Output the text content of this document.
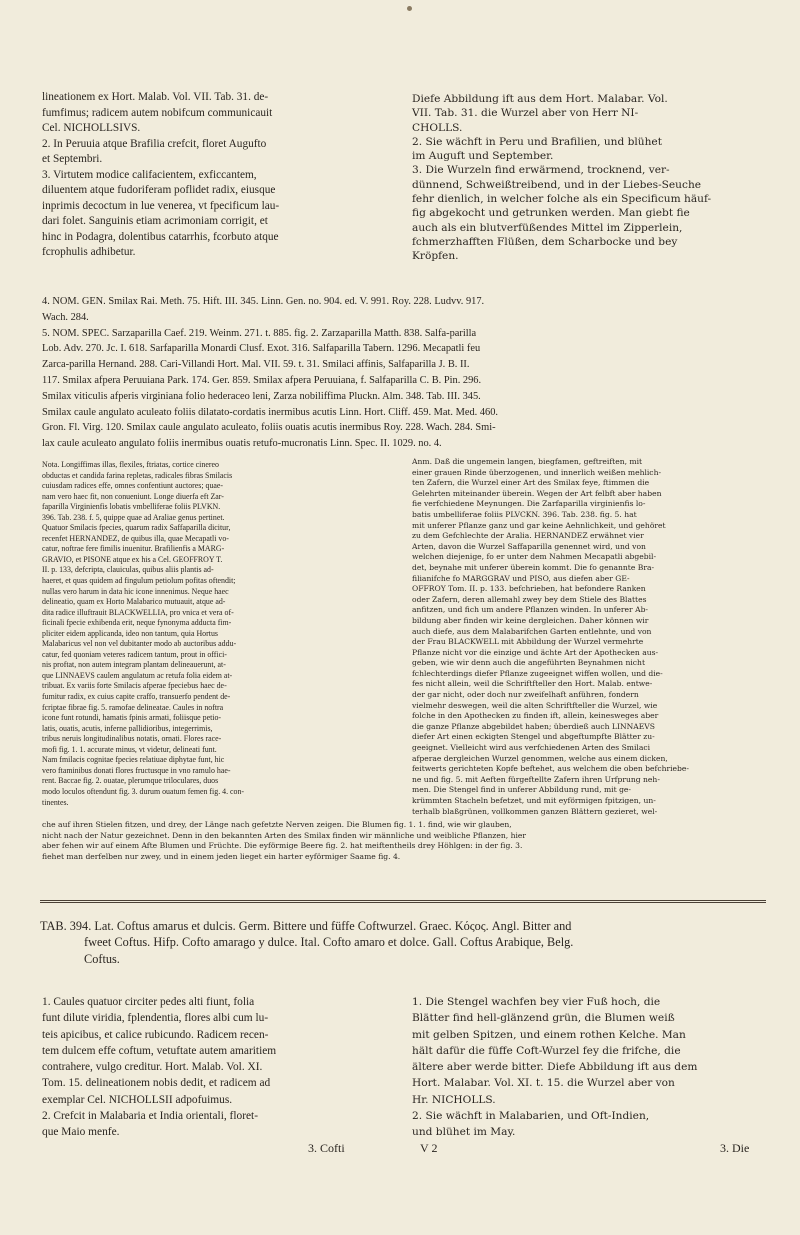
lineationem ex Hort. Malab. Vol. VII. Tab. 31. de-

fumfimus; radicem autem nobifcum communicauit

Cel. NICHOLLSIVS.

2. In Peruuia atque Brafilia crefcit, floret Augufto

et Septembri.

3. Virtutem modice califacientem, exficcantem,

diluentem atque fudoriferam poflidet radix, eiusque

inprimis decoctum in lue venerea, vt fpecificum lau-

dari folet. Sanguinis etiam acrimoniam corrigit, et

hinc in Podagra, dolentibus catarrhis, fcorbuto atque

fcrophulis adhibetur.

Diefe Abbildung ift aus dem Hort. Malabar. Vol.

VII. Tab. 31. die Wurzel aber von Herr NI-

CHOLLS.

2. Sie wächft in Peru und Brafilien, und blühet

im Auguft und September.

3. Die Wurzeln find erwärmend, trocknend, ver-

dünnend, Schweißtreibend, und in der Liebes-Seuche

fehr dienlich, in welcher folche als ein Specificum häuf-

fig abgekocht und getrunken werden. Man giebt fie

auch als ein blutverfüßendes Mittel im Zipperlein,

fchmerzhafften Flüßen, dem Scharbocke und bey

Kröpfen.

4. NOM. GEN. Smilax Rai. Meth. 75. Hift. III. 345. Linn. Gen. no. 904. ed. V. 991. Roy. 228. Ludvv. 917.

Wach. 284.

5. NOM. SPEC. Sarzaparilla Caef. 219. Weinm. 271. t. 885. fig. 2. Zarzaparilla Matth. 838. Salfa-parilla

Lob. Adv. 270. Jc. I. 618. Sarfaparilla Monardi Clusf. Exot. 316. Salfaparilla Tabern. 1296. Mecapatli feu

Zarca-parilla Hernand. 288. Cari-Villandi Hort. Mal. VII. 59. t. 31. Smilaci affinis, Salfaparilla J. B. II.

117. Smilax afpera Peruuiana Park. 174. Ger. 859. Smilax afpera Peruuiana, f. Salfaparilla C. B. Pin. 296.

Smilax viticulis afperis virginiana folio hederaceo leni, Zarza nobiliffima Pluckn. Alm. 348. Tab. III. 345.

Smilax caule angulato aculeato foliis dilatato-cordatis inermibus acutis Linn. Hort. Cliff. 459. Mat. Med. 460.

Gron. Fl. Virg. 120. Smilax caule angulato aculeato, foliis ouatis acutis inermibus Roy. 228. Wach. 284. Smi-

lax caule aculeato angulato foliis inermibus ouatis retufo-mucronatis Linn. Spec. II. 1029. no. 4.

Nota. Longiffimas illas, flexiles, ftriatas, cortice cinereo

obductas et candida farina repletas, radicales fibras Smilacis

cuiusdam radices effe, omnes confentiunt auctores; quae-

nam vero haec fit, non conueniunt. Longe diuerfa eft Zar-

faparilla Virginienfis lobatis vmbelliferae foliis PLVKN.

396. Tab. 238. f. 5, quippe quae ad Araliae genus pertinet.

Quatuor Smilacis fpecies, quarum radix Saffaparilla dicitur,

recenfet HERNANDEZ, de quibus illa, quae Mecapatli vo-

catur, noftrae fere fimilis inuenitur. Brafilienfis a MARG-

GRAVIO, et PISONE atque ex his a Cel. GEOFFROY T.

II. p. 133, defcripta, clauiculas, quibus aliis plantis ad-

haeret, et quas quidem ad fingulum petiolum pofitas oftendit;

nullas vero harum in data hic icone innenimus. Neque haec

delineatio, quam ex Horto Malabarico mutuauit, atque ad-

dita radice illuftrauit BLACKWELLIA, pro vnica et vera of-

ficinali fpecie exhibenda erit, neque fynonyma adducta fim-

pliciter eidem applicanda, ideo non tantum, quia Hortus

Malabaricus vel non vel dubitanter modo ab auctoribus addu-

catur, fed quoniam veteres radicem tantum, prout in offici-

nis proftat, non autem integram plantam delineauerunt, at-

que LINNAEVS caulem angulatum ac retufa folia eidem at-

tribuat. Ex variis forte Smilacis afperae fpeciebus haec de-

fumitur radix, ex cuius capite craffo, transuerfo pendent de-

fcriptae fibrae fig. 5. ramofae delineatae. Caules in noftra

icone funt rotundi, hamatis fpinis armati, foliisque petio-

latis, ouatis, acutis, inferne pallidioribus, integerrimis,

tribus neruis longitudinalibus notatis, ornati. Flores race-

mofi fig. 1. 1. accurate minus, vt videtur, delineati funt.

Nam fmilacis cognitae fpecies relatiuae diphytae funt, hic

vero ftaminibus donati flores fructusque in vno ramulo hae-

rent. Baccae fig. 2. ouatae, plerumque triloculares, duos

modo loculos oftendunt fig. 3. durum ouatum femen fig. 4. con-

tinentes.

Anm. Daß die ungemein langen, biegfamen, geftreiften, mit

einer grauen Rinde überzogenen, und innerlich weißen mehlich-

ten Zafern, die Wurzel einer Art des Smilax feye, ftimmen die

Gelehrten miteinander überein. Wegen der Art felbft aber haben

fie verfchiedene Meynungen. Die Zarfaparilla virginienfis lo-

batis umbelliferae foliis PLVCKN. 396. Tab. 238. fig. 5. hat

mit unferer Pflanze ganz und gar keine Aehnlichkeit, und gehöret

zu dem Gefchlechte der Aralia. HERNANDEZ erwähnet vier

Arten, davon die Wurzel Saffaparilla genennet wird, und von

welchen diejenige, fo er unter dem Nahmen Mecapatli abgebil-

det, beynahe mit unferer überein kommt. Die fo genannte Bra-

filianifche fo MARGGRAV und PISO, aus diefen aber GE-

OFFROY Tom. II. p. 133. befchrieben, hat befondere Ranken

oder Zafern, deren allemahl zwey bey dem Stiele des Blattes

anfitzen, und fich um andere Pflanzen winden. In unferer Ab-

bildung aber finden wir keine dergleichen. Daher können wir

auch diefe, aus dem Malabarifchen Garten entlehnte, und von

der Frau BLACKWELL mit Abbildung der Wurzel vermehrte

Pflanze nicht vor die einzige und ächte Art der Apothecken aus-

geben, wie wir denn auch die angeführten Beynahmen nicht

fchlechterdings diefer Pflanze zugeeignet wiffen wollen, und die-

fes nicht allein, weil die Schriftfteller den Hort. Malab. entwe-

der gar nicht, oder doch nur zweifelhaft anführen, fondern

vielmehr deswegen, weil die alten Schriftfteller die Wurzel, wie

folche in den Apothecken zu finden ift, allein, keinesweges aber

die ganze Pflanze abgebildet haben; überdieß auch LINNAEVS

diefer Art einen eckigten Stengel und abgeftumpfte Blätter zu-

geeignet. Vielleicht wird aus verfchiedenen Arten des Smilaci

afperae dergleichen Wurzel genommen, welche aus einem dicken,

feitwerts gerichteten Kopfe beftehet, aus welchem die oben befchriebe-

ne und fig. 5. mit Aeften fürgeftellte Zafern ihren Urfprung neh-

men. Die Stengel find in unferer Abbildung rund, mit ge-

krümmten Stacheln befetzet, und mit eyförmigen fpitzigen, un-

terhalb blaßgrünen, vollkommen ganzen Blättern gezieret, wel-

che auf ihren Stielen fitzen, und drey, der Länge nach gefetzte Nerven zeigen. Die Blumen fig. 1. 1. find, wie wir glauben,

nicht nach der Natur gezeichnet. Denn in den bekannten Arten des Smilax finden wir männliche und weibliche Pflanzen, hier

aber fehen wir auf einem Afte Blumen und Früchte. Die eyförmige Beere fig. 2. hat meiftentheils drey Höhlgen: in der fig. 3.

fiehet man derfelben nur zwey, und in einem jeden lieget ein harter eyförmiger Saame fig. 4.

TAB. 394. Lat. Coftus amarus et dulcis. Germ. Bittere und füffe Coftwurzel. Graec. Κόςος. Angl. Bitter and

fweet Coftus. Hifp. Cofto amarago y dulce. Ital. Cofto amaro et dolce. Gall. Coftus Arabique, Belg.

Coftus.

1. Caules quatuor circiter pedes alti fiunt, folia

funt dilute viridia, fplendentia, flores albi cum lu-

teis apicibus, et calice rubicundo. Radicem recen-

tem dulcem effe coftum, vetuftate autem amaritiem

contrahere, vulgo creditur. Hort. Malab. Vol. XI.

Tom. 15. delineationem nobis dedit, et radicem ad

exemplar Cel. NICHOLLSII adpofuimus.

2. Crefcit in Malabaria et India orientali, floret-

que Maio menfe.

1. Die Stengel wachfen bey vier Fuß hoch, die

Blätter find hell-glänzend grün, die Blumen weiß

mit gelben Spitzen, und einem rothen Kelche. Man

hält dafür die füffe Coft-Wurzel fey die frifche, die

ältere aber werde bitter. Diefe Abbildung ift aus dem

Hort. Malabar. Vol. XI. t. 15. die Wurzel aber von

Hr. NICHOLLS.

2. Sie wächft in Malabarien, und Oft-Indien,

und blühet im May.

3. Cofti	V 2	3. Die
